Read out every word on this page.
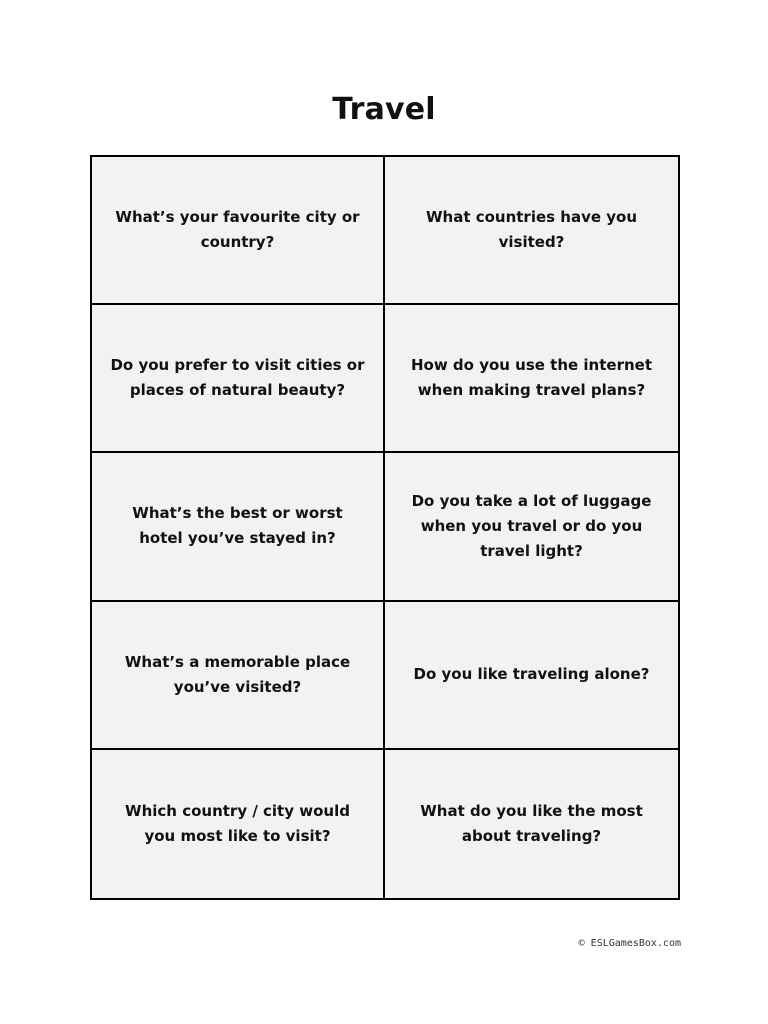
Travel
What’s your favourite city or country?
What countries have you visited?
Do you prefer to visit cities or places of natural beauty?
How do you use the internet when making travel plans?
What’s the best or worst hotel you’ve stayed in?
Do you take a lot of luggage when you travel or do you travel light?
What’s a memorable place you’ve visited?
Do you like traveling alone?
Which country / city would you most like to visit?
What do you like the most about traveling?

© ESLGamesBox.com
